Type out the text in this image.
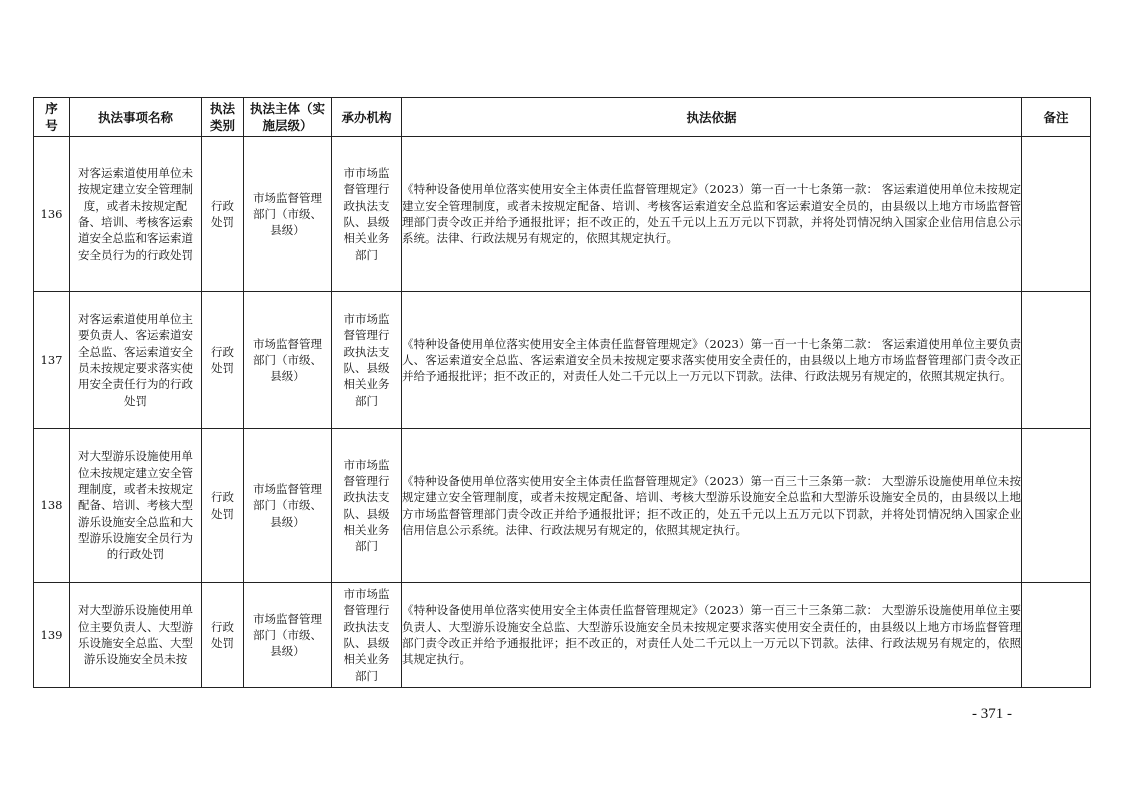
序号	执法事项名称	执法类别	执法主体（实施层级）	承办机构	执法依据	备注
136	对客运索道使用单位未按规定建立安全管理制度，或者未按规定配备、培训、考核客运索道安全总监和客运索道安全员行为的行政处罚	行政处罚	市场监督管理部门（市级、县级）	市市场监督管理行政执法支队、县级相关业务部门	《特种设备使用单位落实使用安全主体责任监督管理规定》（2023）第一百一十七条第一款： 客运索道使用单位未按规定建立安全管理制度，或者未按规定配备、培训、考核客运索道安全总监和客运索道安全员的，由县级以上地方市场监督管理部门责令改正并给予通报批评；拒不改正的，处五千元以上五万元以下罚款，并将处罚情况纳入国家企业信用信息公示系统。法律、行政法规另有规定的，依照其规定执行。	
137	对客运索道使用单位主要负责人、客运索道安全总监、客运索道安全员未按规定要求落实使用安全责任行为的行政处罚	行政处罚	市场监督管理部门（市级、县级）	市市场监督管理行政执法支队、县级相关业务部门	《特种设备使用单位落实使用安全主体责任监督管理规定》（2023）第一百一十七条第二款： 客运索道使用单位主要负责人、客运索道安全总监、客运索道安全员未按规定要求落实使用安全责任的，由县级以上地方市场监督管理部门责令改正并给予通报批评；拒不改正的，对责任人处二千元以上一万元以下罚款。法律、行政法规另有规定的，依照其规定执行。	
138	对大型游乐设施使用单位未按规定建立安全管理制度，或者未按规定配备、培训、考核大型游乐设施安全总监和大型游乐设施安全员行为的行政处罚	行政处罚	市场监督管理部门（市级、县级）	市市场监督管理行政执法支队、县级相关业务部门	《特种设备使用单位落实使用安全主体责任监督管理规定》（2023）第一百三十三条第一款： 大型游乐设施使用单位未按规定建立安全管理制度，或者未按规定配备、培训、考核大型游乐设施安全总监和大型游乐设施安全员的，由县级以上地方市场监督管理部门责令改正并给予通报批评；拒不改正的，处五千元以上五万元以下罚款，并将处罚情况纳入国家企业信用信息公示系统。法律、行政法规另有规定的，依照其规定执行。	
139	对大型游乐设施使用单位主要负责人、大型游乐设施安全总监、大型游乐设施安全员未按	行政处罚	市场监督管理部门（市级、县级）	市市场监督管理行政执法支队、县级相关业务部门	《特种设备使用单位落实使用安全主体责任监督管理规定》（2023）第一百三十三条第二款： 大型游乐设施使用单位主要负责人、大型游乐设施安全总监、大型游乐设施安全员未按规定要求落实使用安全责任的，由县级以上地方市场监督管理部门责令改正并给予通报批评；拒不改正的，对责任人处二千元以上一万元以下罚款。法律、行政法规另有规定的，依照其规定执行。	
- 371 -
